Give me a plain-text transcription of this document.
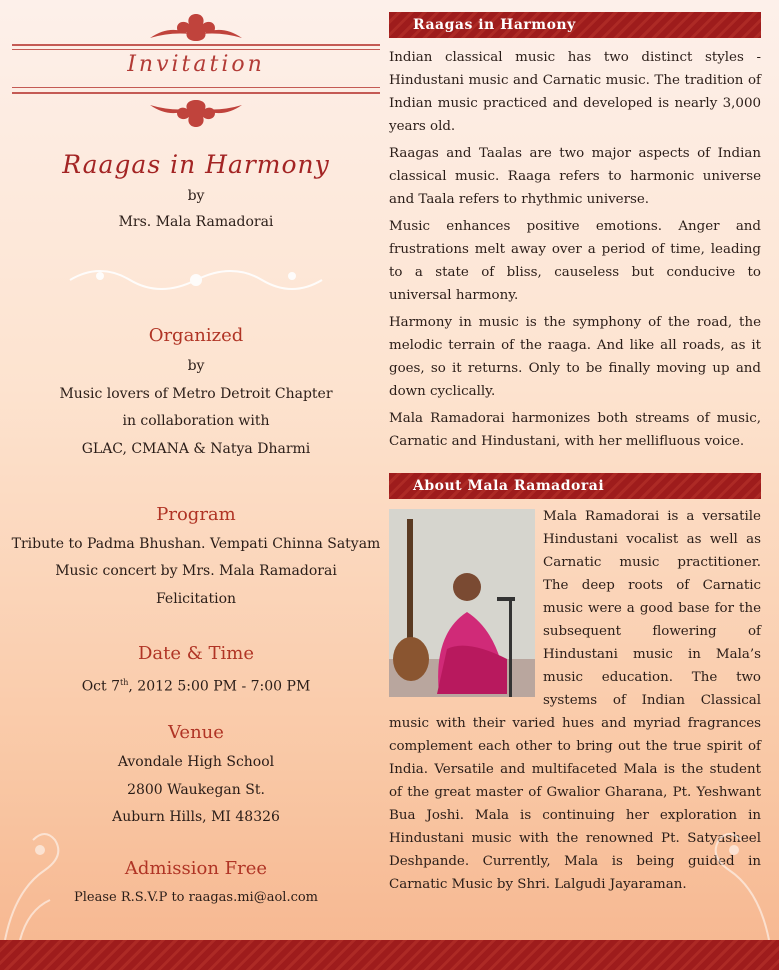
Invitation
Raagas in Harmony
by
Mrs. Mala Ramadorai
Organized
by
Music lovers of Metro Detroit Chapter
in collaboration with
GLAC, CMANA & Natya Dharmi
Program
Tribute to Padma Bhushan. Vempati Chinna Satyam
Music concert by Mrs. Mala Ramadorai
Felicitation
Date & Time
Oct 7th, 2012 5:00 PM - 7:00 PM
Venue
Avondale High School
2800 Waukegan St.
Auburn Hills, MI 48326
Admission Free
Please R.S.V.P to raagas.mi@aol.com
Raagas in Harmony

Indian classical music has two distinct styles - Hindustani music and Carnatic music. The tradition of Indian music practiced and developed is nearly 3,000 years old.

Raagas and Taalas are two major aspects of Indian classical music. Raaga refers to harmonic universe and Taala refers to rhythmic universe.

Music enhances positive emotions. Anger and frustrations melt away over a period of time, leading to a state of bliss, causeless but conducive to universal harmony.

Harmony in music is the symphony of the road, the melodic terrain of the raaga. And like all roads, as it goes, so it returns. Only to be finally moving up and down cyclically.

Mala Ramadorai harmonizes both streams of music, Carnatic and Hindustani, with her mellifluous voice.

About Mala Ramadorai

Mala Ramadorai is a versatile Hindustani vocalist as well as Carnatic music practitioner. The deep roots of Carnatic music were a good base for the subsequent flowering of Hindustani music in Mala’s music education. The two systems of Indian Classical music with their varied hues and myriad fragrances complement each other to bring out the true spirit of India. Versatile and multifaceted Mala is the student of the great master of Gwalior Gharana, Pt. Yeshwant Bua Joshi. Mala is continuing her exploration in Hindustani music with the renowned Pt. Satyasheel Deshpande. Currently, Mala is being guided in Carnatic Music by Shri. Lalgudi Jayaraman.
